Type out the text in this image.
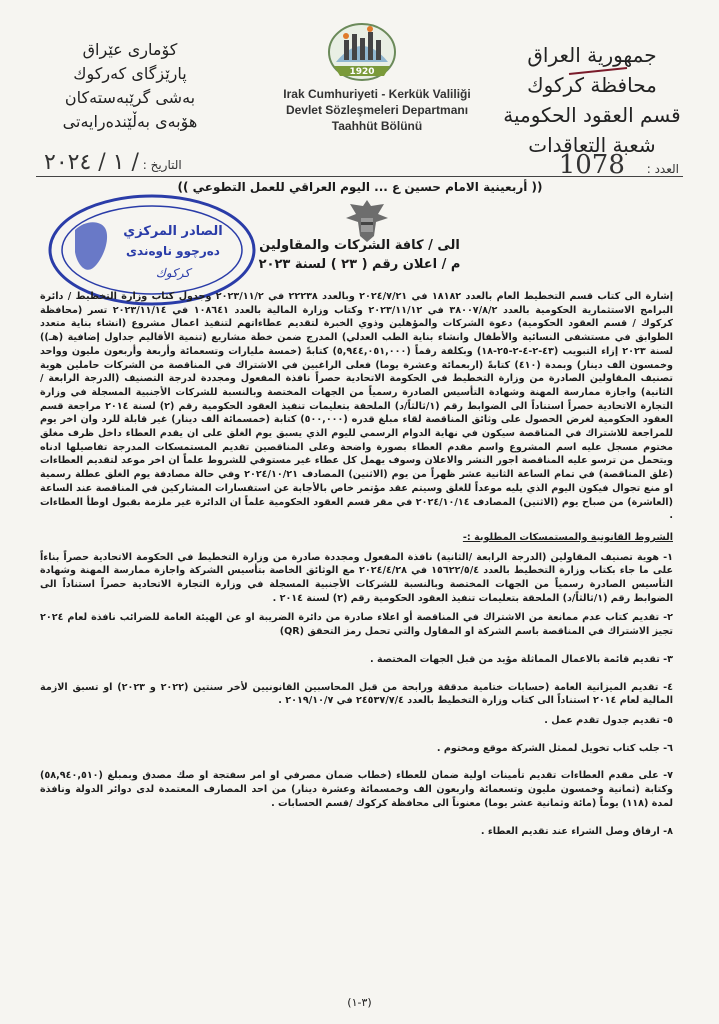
جمهورية العراق
محافظة كركوك
قسم العقود الحكومية
شعبة التعاقدات
كۆماری عێراق
پارێزگای كەركوك
بەشی گرێبەستەكان
هۆبەی بەڵێندەرایەتی
1920
Irak Cumhuriyeti - Kerkük Valiliği
Devlet Sözleşmeleri Departmanı
Taahhüt Bölünü
العدد : 1078
التاريخ : / ١ / ٢٠٢٤
(( أربعينية الامام حسين ع ... اليوم العراقي للعمل التطوعي ))
الصادر المركزي
دەرچوو ناوەندی
كركوك
الى / كافة الشركات والمقاولين
م / اعلان رقم ( ٢٣ ) لسنة ٢٠٢٣

إشارة الى كتاب قسم التخطيط العام بالعدد ١٨١٨٢ في ٢٠٢٤/٧/٢١ وبالعدد ٢٢٢٣٨ في ٢٠٢٣/١١/٢ وجدول كتاب وزارة التخطيط / دائرة البرامج الاستثمارية الحكومية بالعدد ٣٨٠٠٧/٨/٢ في ٢٠٢٣/١١/١٢ وكتاب وزارة المالية بالعدد ١٠٨٦٤١ في ٢٠٢٣/١١/١٤ تسر (محافظة كركوك / قسم العقود الحكومية) دعوة الشركات والمؤهلين وذوي الخبرة لتقديم عطاءاتهم لتنفيذ اعمال مشروع (انشاء بناية متعدد الطوابق في مستشفى النسائية والأطفال وانشاء بناية الطب العدلي) المدرج ضمن خطة مشاريع (تنمية الأقاليم جداول إضافية (هـ)) لسنة ٢٠٢٣ إزاء التبويب (٤٣-٢-٤-٢-٢٥-١٨) وبكلفة رقماً (٥,٩٤٤,٠٥١,٠٠٠) كتابةً (خمسة مليارات وتسعمائة وأربعة وأربعون مليون وواحد وخمسون الف دينار) وبمدة (٤١٠) كتابةً (اربعمائة وعشرة يوما) فعلى الراغبين في الاشتراك في المناقصة من الشركات حاملين هوية تصنيف المقاولين الصادرة من وزارة التخطيط في الحكومة الاتحادية حصراً نافذة المفعول ومجددة لدرجة التصنيف (الدرجة الرابعة /الثانية) واجازة ممارسة المهنة وشهادة التأسيس الصادرة رسمياً من الجهات المختصة وبالنسبة للشركات الأجنبية المسجلة في وزارة التجارة الاتحادية حصراً استناداً الى الضوابط رقم (١/ثالثاً/د) الملحقة بتعليمات تنفيذ العقود الحكومية رقم (٢) لسنة ٢٠١٤ مراجعة قسم العقود الحكومية لغرض الحصول على وثائق المناقصة لقاء مبلغ قدره (٥٠٠,٠٠٠) كتابة (خمسمائة الف دينار) غير قابلة للرد وان اخر يوم للمراجعة للاشتراك في المناقصة سيكون في نهاية الدوام الرسمي لليوم الذي يسبق يوم الغلق على ان يقدم العطاء داخل ظرف مغلق مختوم مسجل عليه اسم المشروع واسم مقدم العطاء بصورة واضحة وعلى المناقصين تقديم المستمسكات المدرجة تفاصيلها ادناه ويتحمل من ترسو عليه المناقصة اجور النشر والاعلان وسوف يهمل كل عطاء غير مستوفي للشروط علماً ان اخر موعد لتقديم العطاءات (غلق المناقصة) في تمام الساعة الثانية عشر ظهراً من يوم (الاثنين) المصادف ٢٠٢٤/١٠/٢١ وفي حالة مصادفة يوم الغلق عطلة رسمية او منع تجوال فيكون اليوم الذي يليه موعداً للغلق وسيتم عقد مؤتمر خاص بالأجابة عن استفسارات المشاركين في المناقصة عند الساعة (العاشرة) من صباح يوم (الاثنين) المصادف ٢٠٢٤/١٠/١٤ في مقر قسم العقود الحكومية علماً ان الدائرة غير ملزمة بقبول اوطأ العطاءات .

الشروط القانونية والمستمسكات المطلوبة :-

١- هوية تصنيف المقاولين (الدرجة الرابعة /الثانية) نافذة المفعول ومجددة صادرة من وزارة التخطيط في الحكومة الاتحادية حصراً بناءاً على ما جاء بكتاب وزارة التخطيط بالعدد ١٥٦٢٢/٥/٤ في ٢٠٢٤/٤/٢٨ مع الوثائق الخاصة بتأسيس الشركة واجازة ممارسة المهنة وشهادة التأسيس الصادرة رسمياً من الجهات المختصة وبالنسبة للشركات الأجنبية المسجلة في وزارة التجارة الاتحادية حصراً استناداً الى الضوابط رقم (١/ثالثاً/د) الملحقة بتعليمات تنفيذ العقود الحكومية رقم (٢) لسنة ٢٠١٤ .

٢- تقديم كتاب عدم ممانعة من الاشتراك في المناقصة أو اعلاء صادرة من دائرة الضريبة او عن الهيئة العامة للضرائب نافذة لعام ٢٠٢٤ تجيز الاشتراك في المناقصة باسم الشركة او المقاول والتي تحمل رمز التحقق (QR)

٣- تقديم قائمة بالاعمال المماثلة مؤيد من قبل الجهات المختصة .

٤- تقديم الميزانية العامة (حسابات ختامية مدققة ورابحة من قبل المحاسبين القانونيين لأخر سنتين (٢٠٢٢ و ٢٠٢٣) او تسبق الازمة المالية لعام ٢٠١٤ استناداً الى كتاب وزارة التخطيط بالعدد ٢٤٥٣٧/٧/٤ في ٢٠١٩/١٠/٧ .

٥- تقديم جدول تقدم عمل .

٦- جلب كتاب تخويل لممثل الشركة موقع ومختوم .

٧- على مقدم العطاءات تقديم تأمينات اولية ضمان للعطاء (خطاب ضمان مصرفي او امر سفتجة او صك مصدق وبمبلغ (٥٨,٩٤٠,٥١٠) وكتابة (ثمانية وخمسون مليون وتسعمائة واربعون الف وخمسمائة وعشرة دينار) من احد المصارف المعتمدة لدى دوائر الدولة ونافذة لمدة (١١٨) يوماً (مائة وثمانية عشر يوما) معنوناً الى محافظة كركوك /قسم الحسابات .

٨- ارفاق وصل الشراء عند تقديم العطاء .

(٣-١)
